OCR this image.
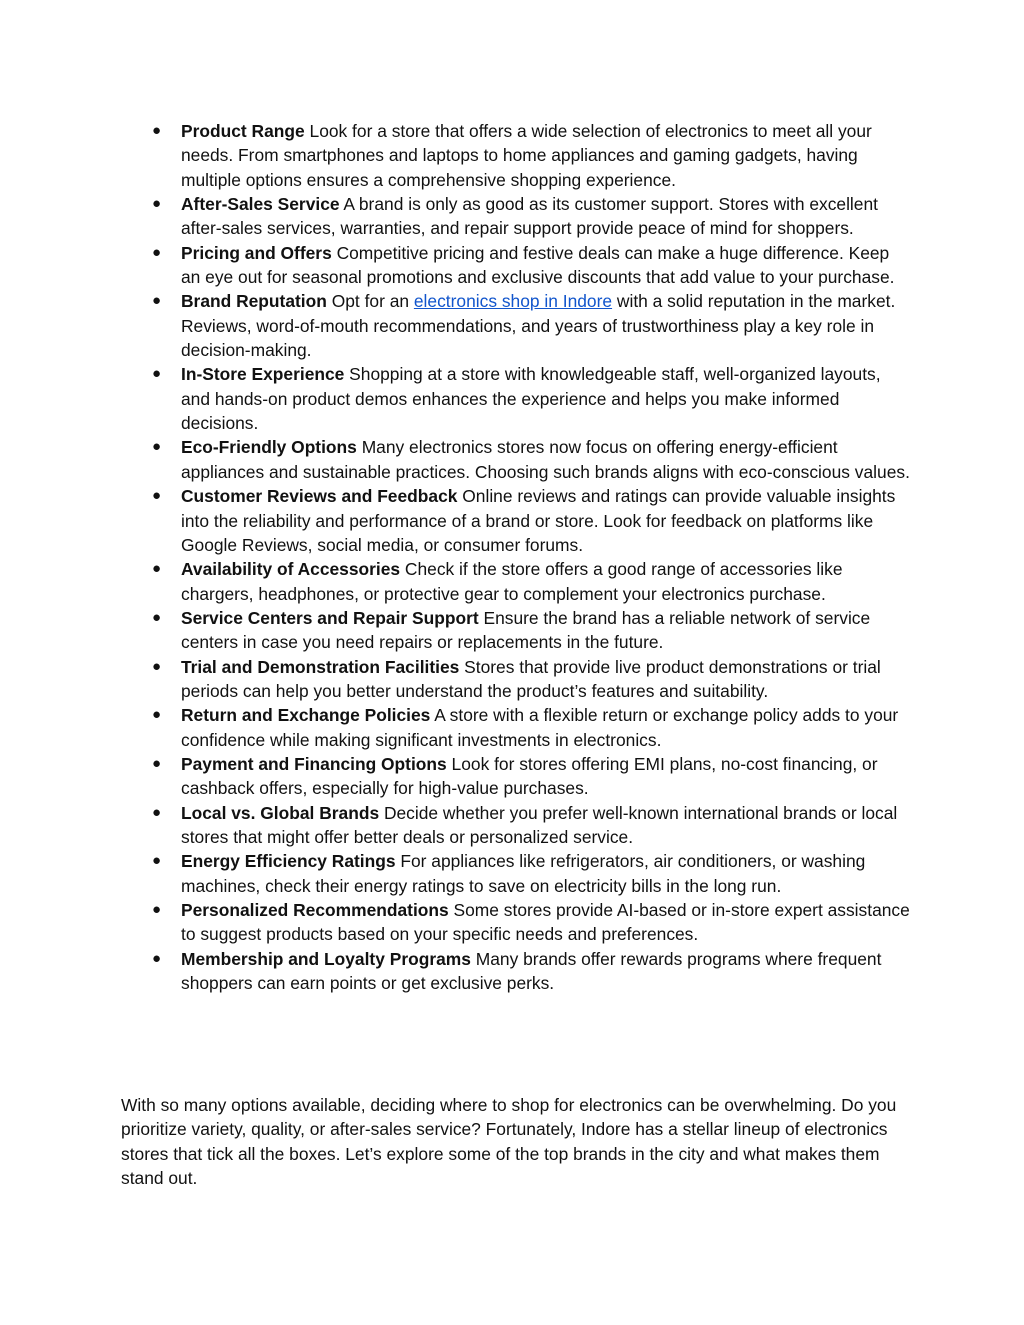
● Product Range Look for a store that offers a wide selection of electronics to meet all your needs. From smartphones and laptops to home appliances and gaming gadgets, having multiple options ensures a comprehensive shopping experience.
● After-Sales Service A brand is only as good as its customer support. Stores with excellent after-sales services, warranties, and repair support provide peace of mind for shoppers.
● Pricing and Offers Competitive pricing and festive deals can make a huge difference. Keep an eye out for seasonal promotions and exclusive discounts that add value to your purchase.
● Brand Reputation Opt for an electronics shop in Indore with a solid reputation in the market. Reviews, word-of-mouth recommendations, and years of trustworthiness play a key role in decision-making.
● In-Store Experience Shopping at a store with knowledgeable staff, well-organized layouts, and hands-on product demos enhances the experience and helps you make informed decisions.
● Eco-Friendly Options Many electronics stores now focus on offering energy-efficient appliances and sustainable practices. Choosing such brands aligns with eco-conscious values.
● Customer Reviews and Feedback Online reviews and ratings can provide valuable insights into the reliability and performance of a brand or store. Look for feedback on platforms like Google Reviews, social media, or consumer forums.
● Availability of Accessories Check if the store offers a good range of accessories like chargers, headphones, or protective gear to complement your electronics purchase.
● Service Centers and Repair Support Ensure the brand has a reliable network of service centers in case you need repairs or replacements in the future.
● Trial and Demonstration Facilities Stores that provide live product demonstrations or trial periods can help you better understand the product’s features and suitability.
● Return and Exchange Policies A store with a flexible return or exchange policy adds to your confidence while making significant investments in electronics.
● Payment and Financing Options Look for stores offering EMI plans, no-cost financing, or cashback offers, especially for high-value purchases.
● Local vs. Global Brands Decide whether you prefer well-known international brands or local stores that might offer better deals or personalized service.
● Energy Efficiency Ratings For appliances like refrigerators, air conditioners, or washing machines, check their energy ratings to save on electricity bills in the long run.
● Personalized Recommendations Some stores provide AI-based or in-store expert assistance to suggest products based on your specific needs and preferences.
● Membership and Loyalty Programs Many brands offer rewards programs where frequent shoppers can earn points or get exclusive perks.

With so many options available, deciding where to shop for electronics can be overwhelming. Do you prioritize variety, quality, or after-sales service? Fortunately, Indore has a stellar lineup of electronics stores that tick all the boxes. Let’s explore some of the top brands in the city and what makes them stand out.
